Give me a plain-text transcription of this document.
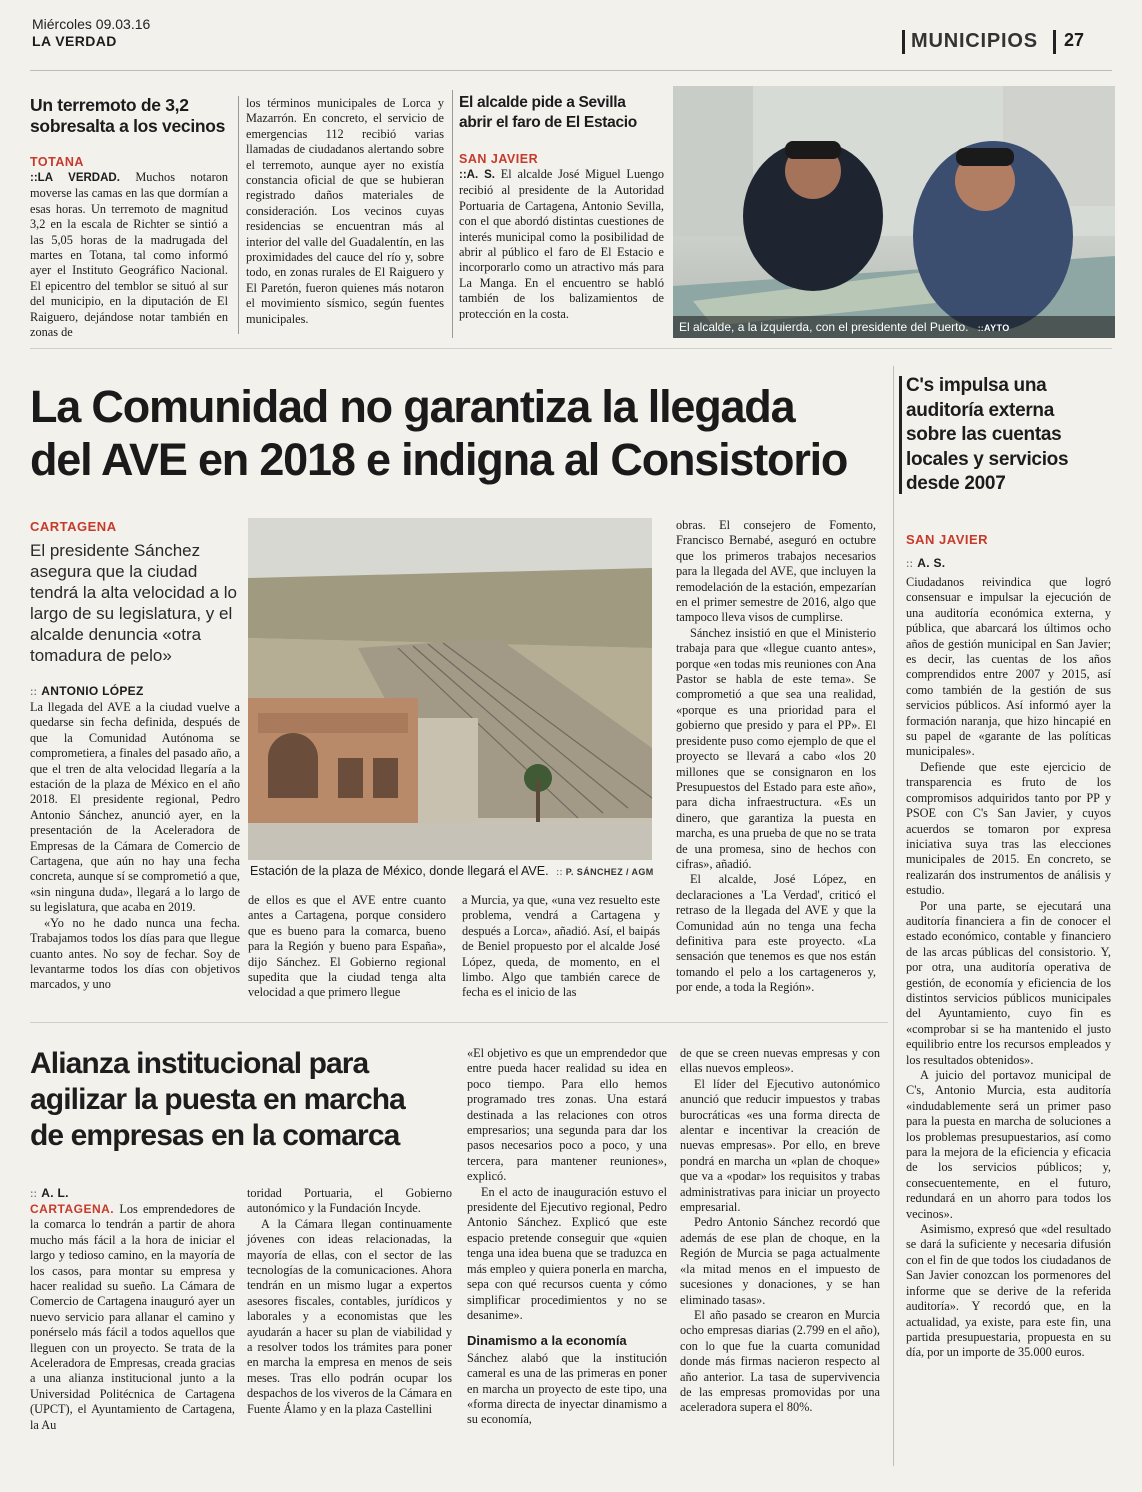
Miércoles 09.03.16
LA VERDAD	MUNICIPIOS 27
Un terremoto de 3,2
sobresalta a los vecinos
TOTANA

::LA VERDAD. Muchos notaron moverse las camas en las que dormían a esas horas. Un terremoto de magnitud 3,2 en la escala de Richter se sintió a las 5,05 horas de la madrugada del martes en Totana, tal como informó ayer el Instituto Geográfico Nacional. El epicentro del temblor se situó al sur del municipio, en la diputación de El Raiguero, dejándose notar también en zonas de

los términos municipales de Lorca y Mazarrón. En concreto, el servicio de emergencias 112 recibió varias llamadas de ciudadanos alertando sobre el terremoto, aunque ayer no existía constancia oficial de que se hubieran registrado daños materiales de consideración. Los vecinos cuyas residencias se encuentran más al interior del valle del Guadalentín, en las proximidades del cauce del río y, sobre todo, en zonas rurales de El Raiguero y El Paretón, fueron quienes más notaron el movimiento sísmico, según fuentes municipales.

El alcalde pide a Sevilla
abrir el faro de El Estacio
SAN JAVIER

::A. S. El alcalde José Miguel Luengo recibió al presidente de la Autoridad Portuaria de Cartagena, Antonio Sevilla, con el que abordó distintas cuestiones de interés municipal como la posibilidad de abrir al público el faro de El Estacio e incorporarlo como un atractivo más para La Manga. En el encuentro se habló también de los balizamientos de protección en la costa.

El alcalde, a la izquierda, con el presidente del Puerto. ::AYTO
La Comunidad no garantiza la llegada
del AVE en 2018 e indigna al Consistorio
CARTAGENA
El presidente Sánchez asegura que la ciudad tendrá la alta velocidad a lo largo de su legislatura, y el alcalde denuncia «otra tomadura de pelo»
:: ANTONIO LÓPEZ

La llegada del AVE a la ciudad vuelve a quedarse sin fecha definida, después de que la Comunidad Autónoma se comprometiera, a finales del pasado año, a que el tren de alta velocidad llegaría a la estación de la plaza de México en el año 2018. El presidente regional, Pedro Antonio Sánchez, anunció ayer, en la presentación de la Aceleradora de Empresas de la Cámara de Comercio de Cartagena, que aún no hay una fecha concreta, aunque sí se comprometió a que, «sin ninguna duda», llegará a lo largo de su legislatura, que acaba en 2019.

«Yo no he dado nunca una fecha. Trabajamos todos los días para que llegue cuanto antes. No soy de fechar. Soy de levantarme todos los días con objetivos marcados, y uno

Estación de la plaza de México, donde llegará el AVE. :: P. SÁNCHEZ / AGM

de ellos es que el AVE entre cuanto antes a Cartagena, porque considero que es bueno para la comarca, bueno para la Región y bueno para España», dijo Sánchez. El Gobierno regional supedita que la ciudad tenga alta velocidad a que primero llegue

a Murcia, ya que, «una vez resuelto este problema, vendrá a Cartagena y después a Lorca», añadió. Así, el baipás de Beniel propuesto por el alcalde José López, queda, de momento, en el limbo. Algo que también carece de fecha es el inicio de las

obras. El consejero de Fomento, Francisco Bernabé, aseguró en octubre que los primeros trabajos necesarios para la llegada del AVE, que incluyen la remodelación de la estación, empezarían en el primer semestre de 2016, algo que tampoco lleva visos de cumplirse.

Sánchez insistió en que el Ministerio trabaja para que «llegue cuanto antes», porque «en todas mis reuniones con Ana Pastor se habla de este tema». Se comprometió a que sea una realidad, «porque es una prioridad para el gobierno que presido y para el PP». El presidente puso como ejemplo de que el proyecto se llevará a cabo «los 20 millones que se consignaron en los Presupuestos del Estado para este año», para dicha infraestructura. «Es un dinero, que garantiza la puesta en marcha, es una prueba de que no se trata de una promesa, sino de hechos con cifras», añadió.

El alcalde, José López, en declaraciones a 'La Verdad', criticó el retraso de la llegada del AVE y que la Comunidad aún no tenga una fecha definitiva para este proyecto. «La sensación que tenemos es que nos están tomando el pelo a los cartageneros y, por ende, a toda la Región».

C's impulsa una
auditoría externa
sobre las cuentas
locales y servicios
desde 2007
SAN JAVIER
:: A. S.

Ciudadanos reivindica que logró consensuar e impulsar la ejecución de una auditoría económica externa, y pública, que abarcará los últimos ocho años de gestión municipal en San Javier; es decir, las cuentas de los años comprendidos entre 2007 y 2015, así como también de la gestión de sus servicios públicos. Así informó ayer la formación naranja, que hizo hincapié en su papel de «garante de las políticas municipales».

Defiende que este ejercicio de transparencia es fruto de los compromisos adquiridos tanto por PP y PSOE con C's San Javier, y cuyos acuerdos se tomaron por expresa iniciativa suya tras las elecciones municipales de 2015. En concreto, se realizarán dos instrumentos de análisis y estudio.

Por una parte, se ejecutará una auditoría financiera a fin de conocer el estado económico, contable y financiero de las arcas públicas del consistorio. Y, por otra, una auditoría operativa de gestión, de economía y eficiencia de los distintos servicios públicos municipales del Ayuntamiento, cuyo fin es «comprobar si se ha mantenido el justo equilibrio entre los recursos empleados y los resultados obtenidos».

A juicio del portavoz municipal de C's, Antonio Murcia, esta auditoría «indudablemente será un primer paso para la puesta en marcha de soluciones a los problemas presupuestarios, así como para la mejora de la eficiencia y eficacia de los servicios públicos; y, consecuentemente, en el futuro, redundará en un ahorro para todos los vecinos».

Asimismo, expresó que «del resultado se dará la suficiente y necesaria difusión con el fin de que todos los ciudadanos de San Javier conozcan los pormenores del informe que se derive de la referida auditoría». Y recordó que, en la actualidad, ya existe, para este fin, una partida presupuestaria, propuesta en su día, por un importe de 35.000 euros.

Alianza institucional para
agilizar la puesta en marcha
de empresas en la comarca
:: A. L.

CARTAGENA. Los emprendedores de la comarca lo tendrán a partir de ahora mucho más fácil a la hora de iniciar el largo y tedioso camino, en la mayoría de los casos, para montar su empresa y hacer realidad su sueño. La Cámara de Comercio de Cartagena inauguró ayer un nuevo servicio para allanar el camino y ponérselo más fácil a todos aquellos que lleguen con un proyecto. Se trata de la Aceleradora de Empresas, creada gracias a una alianza institucional junto a la Universidad Politécnica de Cartagena (UPCT), el Ayuntamiento de Cartagena, la Au

toridad Portuaria, el Gobierno autonómico y la Fundación Incyde.

A la Cámara llegan continuamente jóvenes con ideas relacionadas, la mayoría de ellas, con el sector de las tecnologías de la comunicaciones. Ahora tendrán en un mismo lugar a expertos asesores fiscales, contables, jurídicos y laborales y a economistas que les ayudarán a hacer su plan de viabilidad y a resolver todos los trámites para poner en marcha la empresa en menos de seis meses. Tras ello podrán ocupar los despachos de los viveros de la Cámara en Fuente Álamo y en la plaza Castellini

«El objetivo es que un emprendedor que entre pueda hacer realidad su idea en poco tiempo. Para ello hemos programado tres zonas. Una estará destinada a las relaciones con otros empresarios; una segunda para dar los pasos necesarios poco a poco, y una tercera, para mantener reuniones», explicó.

En el acto de inauguración estuvo el presidente del Ejecutivo regional, Pedro Antonio Sánchez. Explicó que este espacio pretende conseguir que «quien tenga una idea buena que se traduzca en más empleo y quiera ponerla en marcha, sepa con qué recursos cuenta y cómo simplificar procedimientos y no se desanime».

Dinamismo a la economía

Sánchez alabó que la institución cameral es una de las primeras en poner en marcha un proyecto de este tipo, una «forma directa de inyectar dinamismo a su economía,

de que se creen nuevas empresas y con ellas nuevos empleos».

El líder del Ejecutivo autonómico anunció que reducir impuestos y trabas burocráticas «es una forma directa de alentar e incentivar la creación de nuevas empresas». Por ello, en breve pondrá en marcha un «plan de choque» que va a «podar» los requisitos y trabas administrativas para iniciar un proyecto empresarial.

Pedro Antonio Sánchez recordó que además de ese plan de choque, en la Región de Murcia se paga actualmente «la mitad menos en el impuesto de sucesiones y donaciones, y se han eliminado tasas».

El año pasado se crearon en Murcia ocho empresas diarias (2.799 en el año), con lo que fue la cuarta comunidad donde más firmas nacieron respecto al año anterior. La tasa de supervivencia de las empresas promovidas por una aceleradora supera el 80%.
